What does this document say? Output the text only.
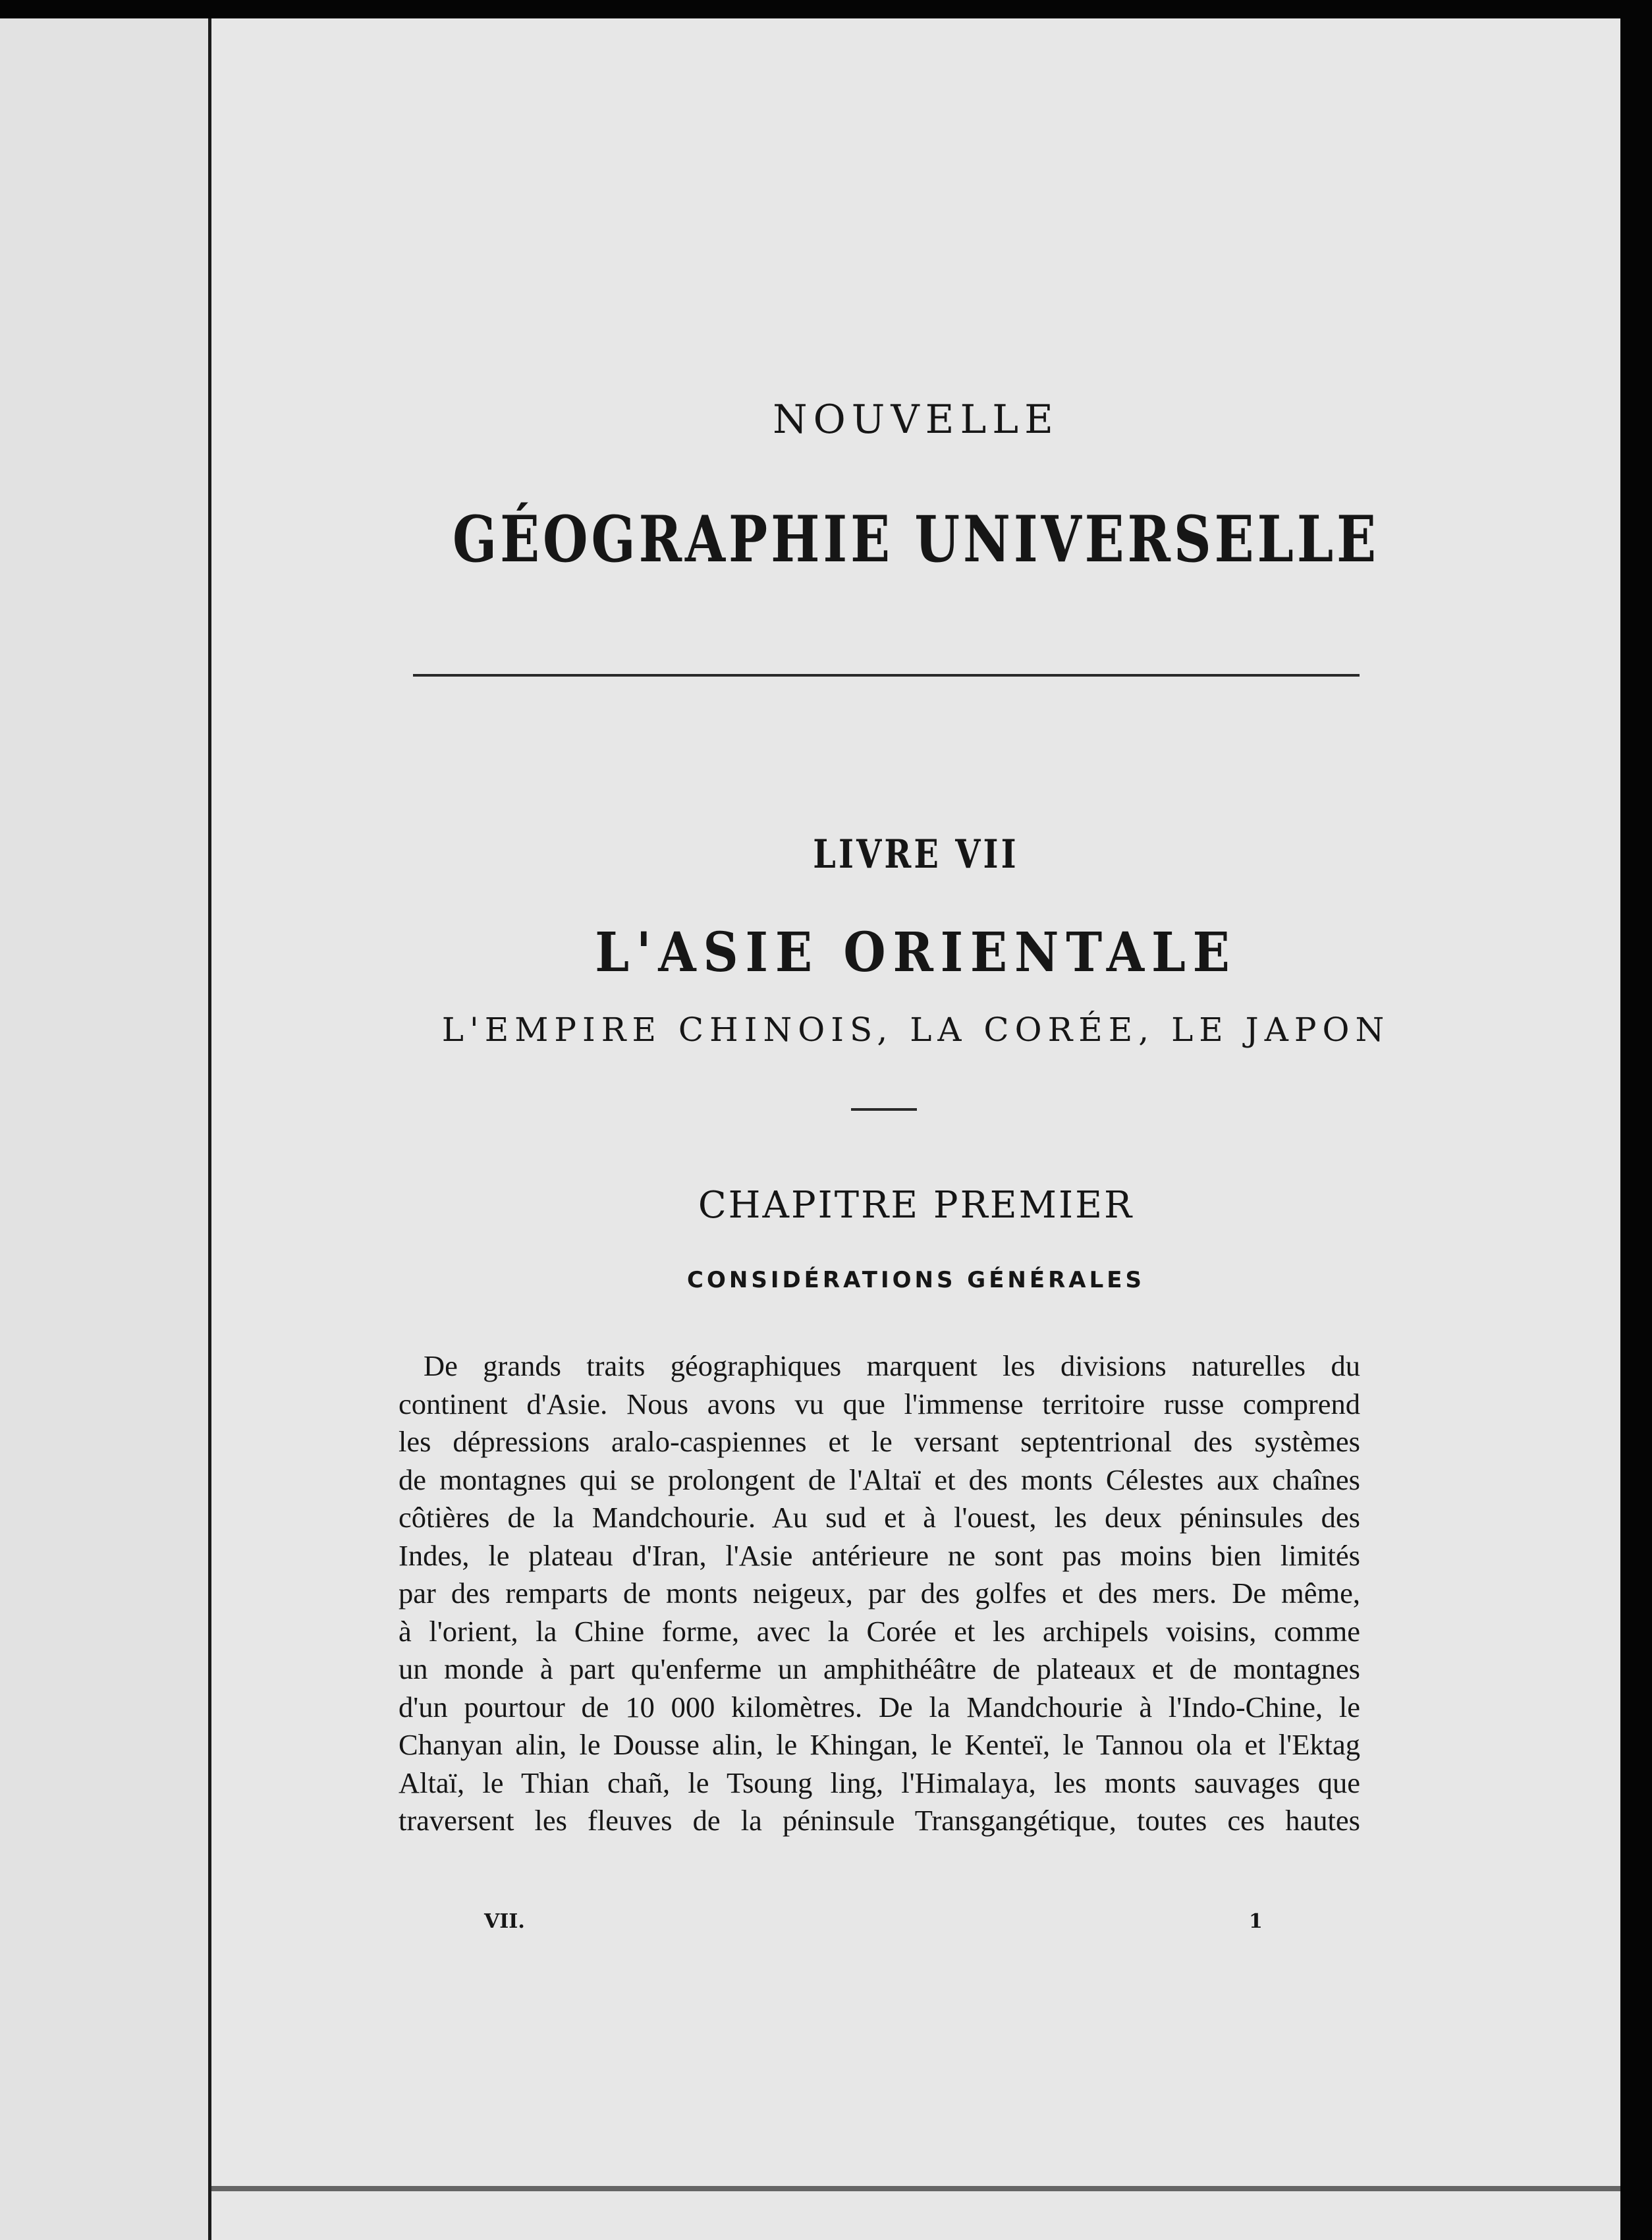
NOUVELLE
GÉOGRAPHIE UNIVERSELLE
LIVRE VII
L'ASIE ORIENTALE
L'EMPIRE CHINOIS, LA CORÉE, LE JAPON
CHAPITRE PREMIER
CONSIDÉRATIONS GÉNÉRALES
De grands traits géographiques marquent les divisions naturelles du
continent d'Asie. Nous avons vu que l'immense territoire russe comprend
les dépressions aralo-caspiennes et le versant septentrional des systèmes
de montagnes qui se prolongent de l'Altaï et des monts Célestes aux chaînes
côtières de la Mandchourie. Au sud et à l'ouest, les deux péninsules des
Indes, le plateau d'Iran, l'Asie antérieure ne sont pas moins bien limités
par des remparts de monts neigeux, par des golfes et des mers. De même,
à l'orient, la Chine forme, avec la Corée et les archipels voisins, comme
un monde à part qu'enferme un amphithéâtre de plateaux et de montagnes
d'un pourtour de 10 000 kilomètres. De la Mandchourie à l'Indo-Chine, le
Chanyan alin, le Dousse alin, le Khingan, le Kenteï, le Tannou ola et l'Ektag
Altaï, le Thian chañ, le Tsoung ling, l'Himalaya, les monts sauvages que
traversent les fleuves de la péninsule Transgangétique, toutes ces hautes

VII.	1
